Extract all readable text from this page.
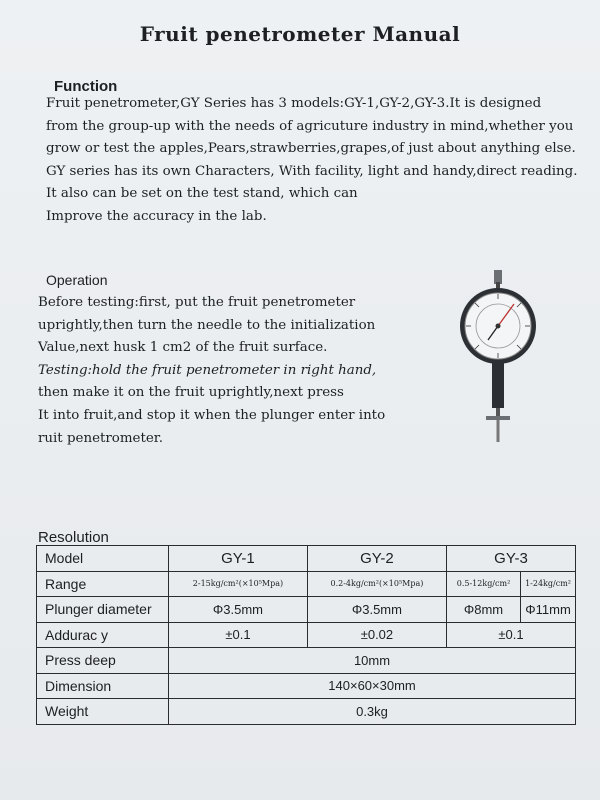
Fruit penetrometer Manual
Function
Fruit penetrometer,GY Series has 3 models:GY-1,GY-2,GY-3.It is designed
from the group-up with the needs of agricuture industry in mind,whether you
grow or test the apples,Pears,strawberries,grapes,of just about anything else.
GY series has its own Characters, With facility, light and handy,direct reading.
It also can be set on the test stand, which can
Improve the accuracy in the lab.
Operation
Before testing:first, put the fruit penetrometer
uprightly,then turn the needle to the initialization
Value,next husk 1 cm2 of the fruit surface.
Testing:hold the fruit penetrometer in right hand,
then make it on the fruit uprightly,next press
It into fruit,and stop it when the plunger enter into
ruit penetrometer.
Resolution
Model	GY-1	GY-2	GY-3	
Range	2-15kg/cm²(×10⁵Mpa)	0.2-4kg/cm²(×10⁵Mpa)	0.5-12kg/cm²	1-24kg/cm²
Plunger diameter	Φ3.5mm	Φ3.5mm	Φ8mm	Φ11mm
Addurac y	±0.1	±0.02	±0.1	
Press deep	10mm			
Dimension	140×60×30mm			
Weight	0.3kg			
